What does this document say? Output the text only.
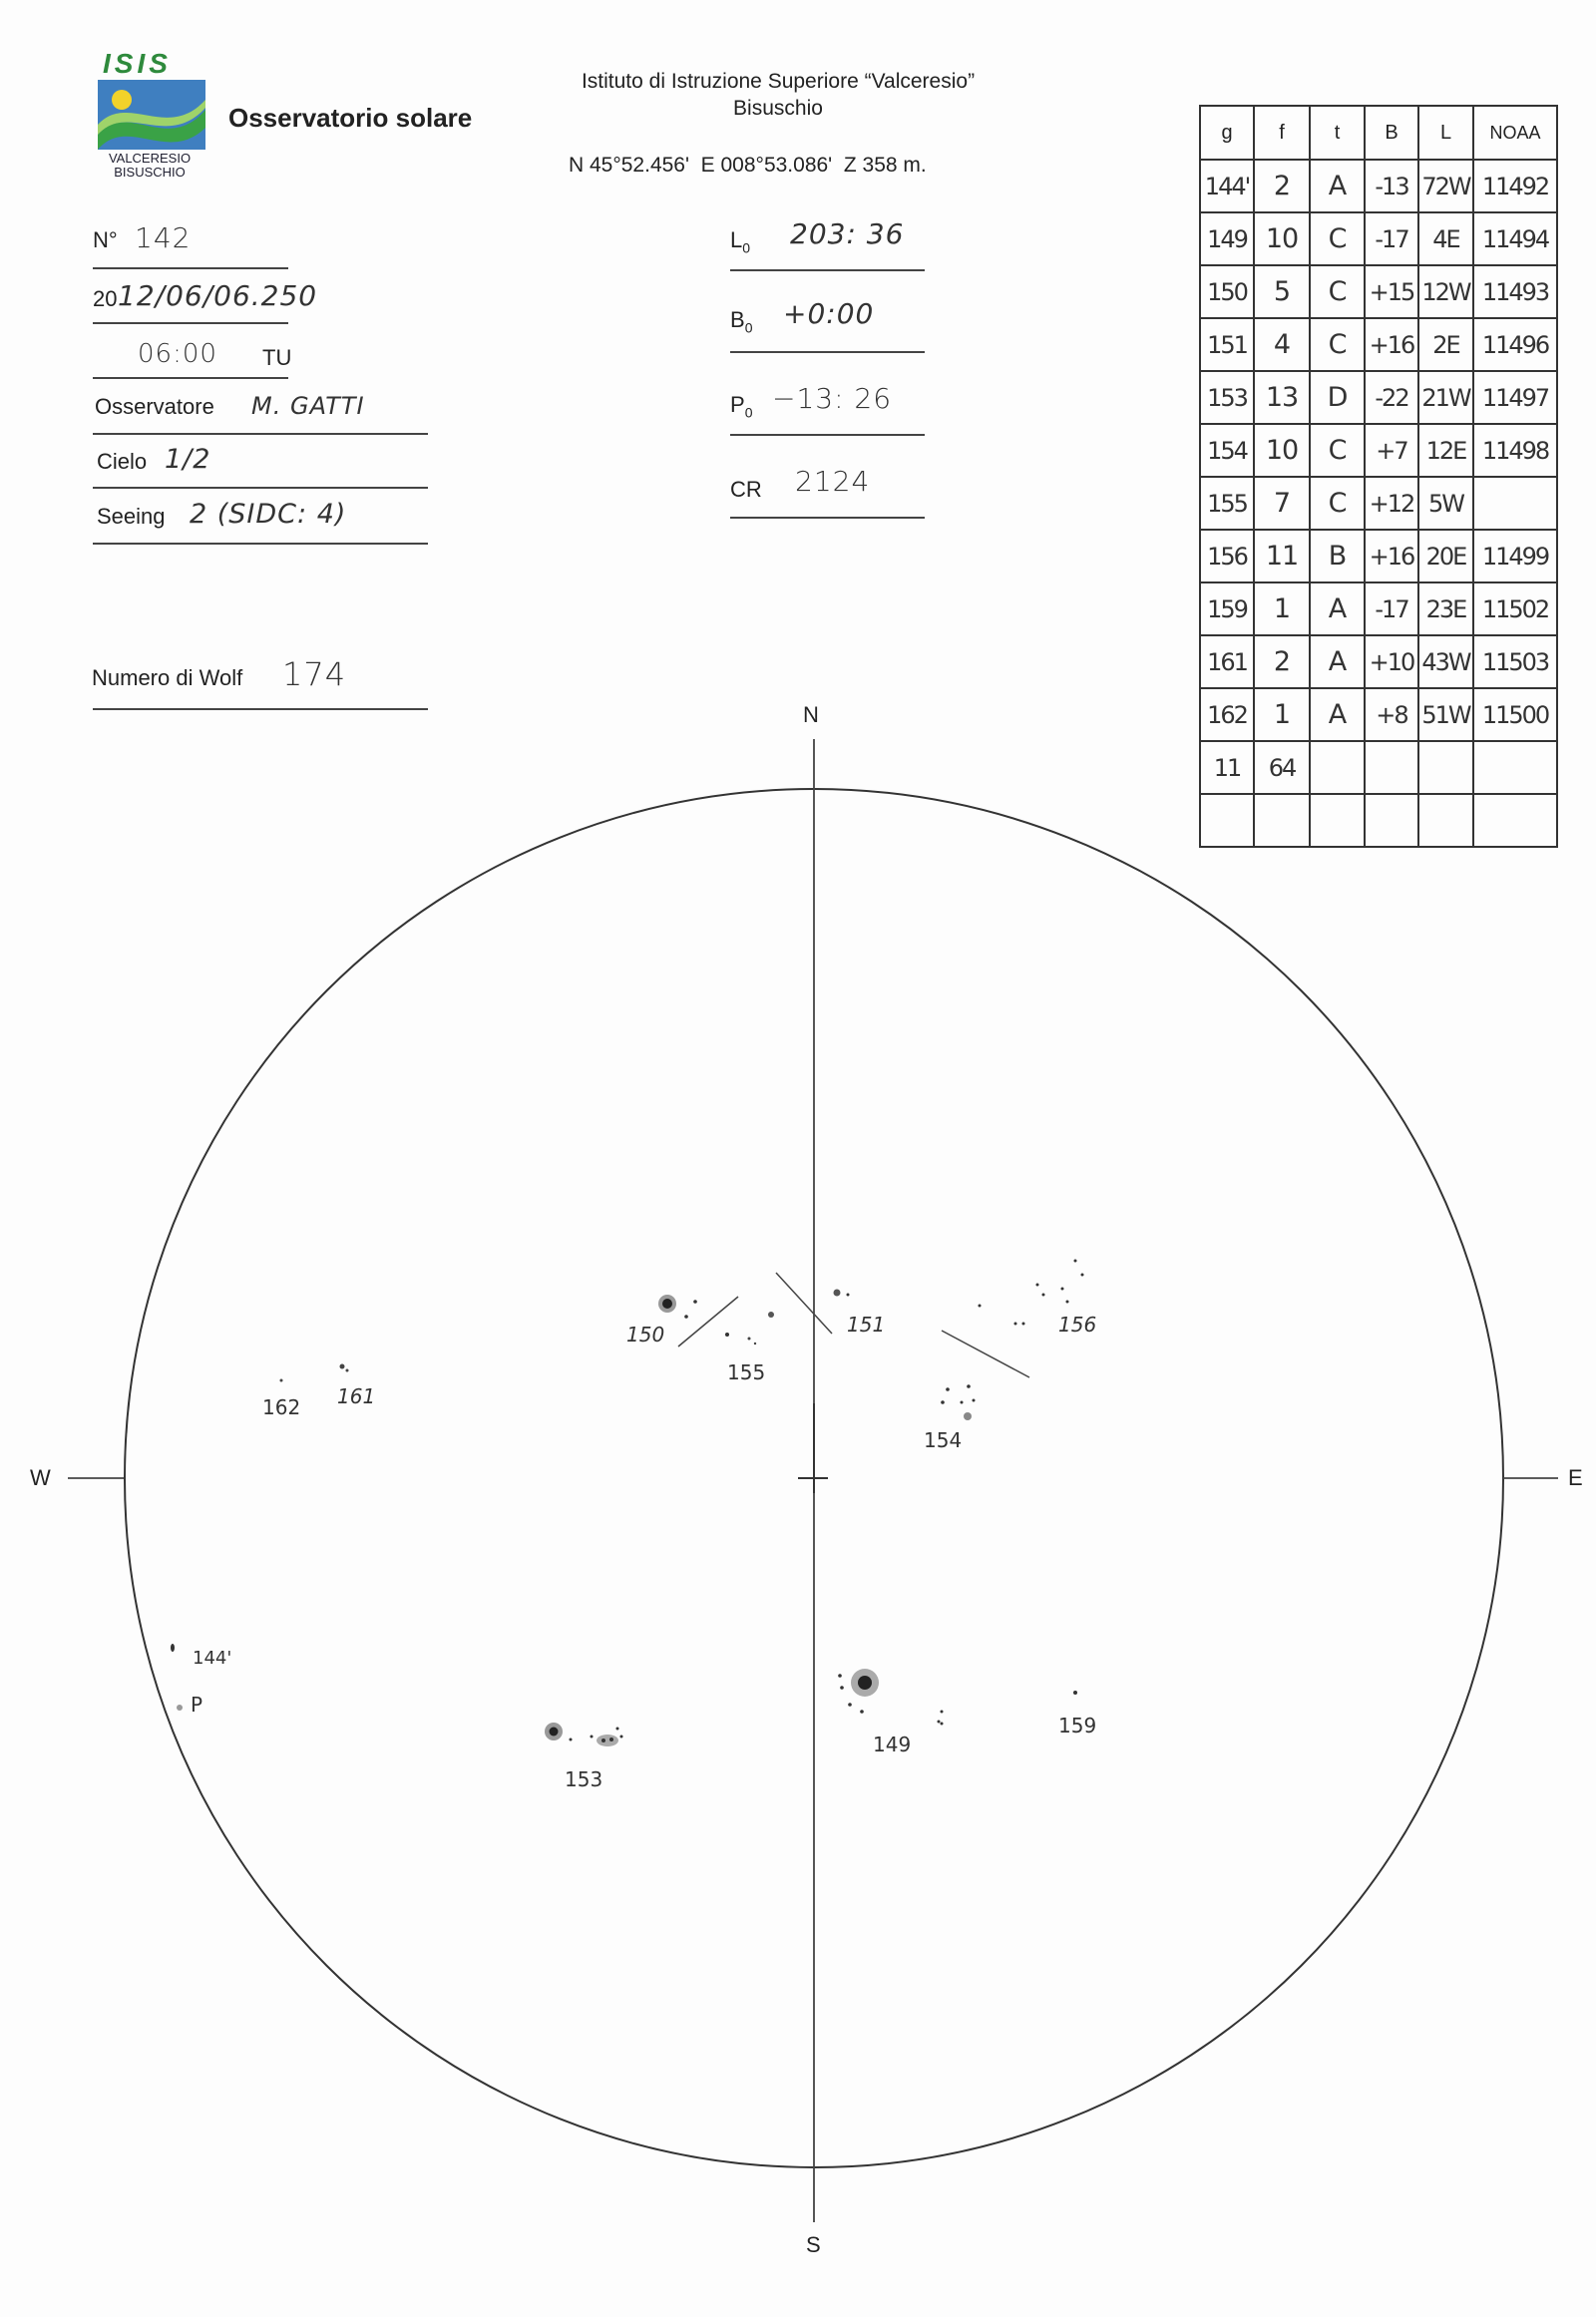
ISIS
VALCERESIO
BISUSCHIO
Osservatorio solare
Istituto di Istruzione Superiore “Valceresio”
Bisuschio
N 45°52.456'  E 008°53.086'  Z 358 m.
N° 142
20 12/06/06.250
06:00 TU
Osservatore M. GATTI
Cielo 1/2
Seeing 2 (SIDC: 4)
Numero di Wolf 174
$L_0$ 203: 36
$B_0$ +0:00
$P_0 -13$: 26
CR 2124
g	f	t	B	L	NOAA
144'	2	A	-13	72W	11492
149	10	C	-17	4E	11494
150	5	C	+15	12W	11493
151	4	C	+16	2E	11496
153	13	D	-22	21W	11497
154	10	C	+7	12E	11498
155	7	C	+12	5W	
156	11	B	+16	20E	11499
159	1	A	-17	23E	11502
161	2	A	+10	43W	11503
162	1	A	+8	51W	11500
11	64				

N
S
W	E
150
155
151	156
154
162 161
144'
P
153
149
159
